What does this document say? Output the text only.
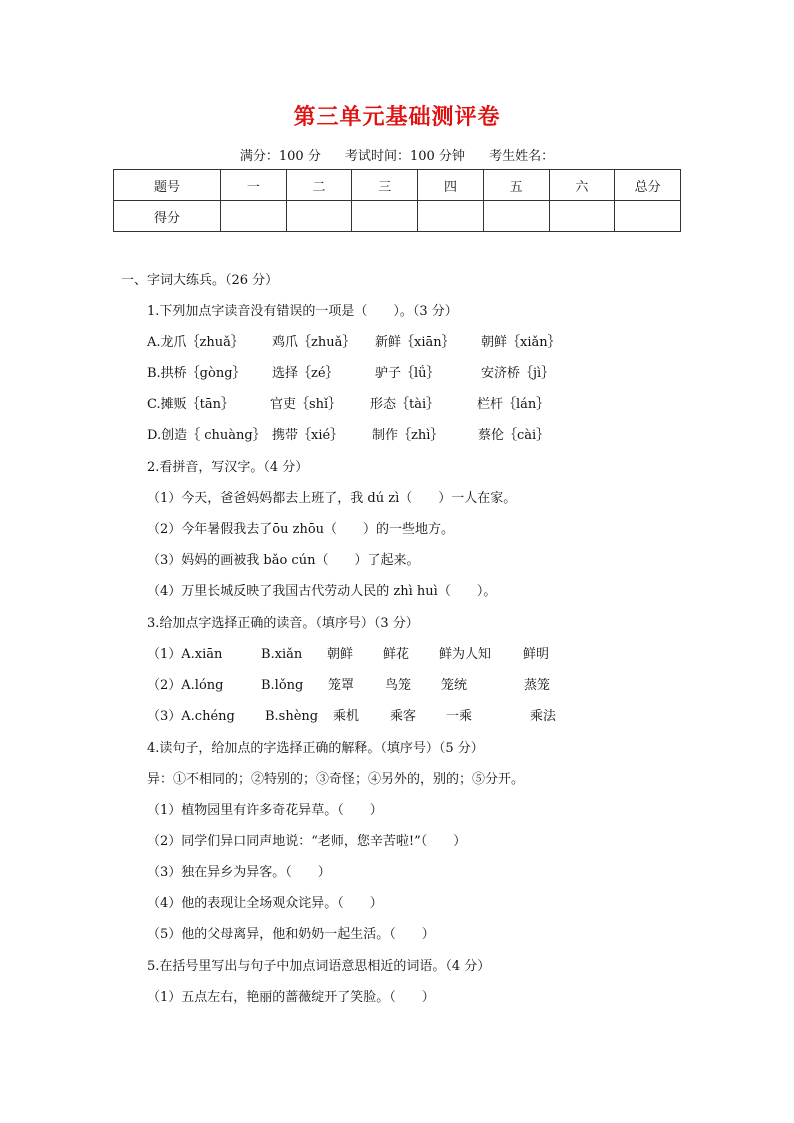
第三单元基础测评卷
满分：100 分 考试时间：100 分钟 考生姓名：
题号	一	二	三	四	五	六	总分
得分							
一、字词大练兵。（26 分）
1.下列加点字读音没有错误的一项是（　　）。（3 分）
A.龙爪｛zhuǎ｝ 鸡爪｛zhuǎ｝ 新鲜｛xiān｝ 朝鲜｛xiǎn｝
B.拱桥｛gòng｝ 选择｛zé｝	驴子｛lǘ｝	安济桥｛jì｝
C.摊贩｛tān｝	官吏｛shǐ｝ 形态｛tài｝	栏杆｛lán｝
D.创造｛ chuàng｝ 携带｛xié｝ 制作｛zhì｝	蔡伦｛cài｝
2.看拼音，写汉字。（4 分）
（1）今天，爸爸妈妈都去上班了，我 dú zì（　　）一人在家。
（2）今年暑假我去了ōu zhōu（　　）的一些地方。
（3）妈妈的画被我 bǎo cún（　　）了起来。
（4）万里长城反映了我国古代劳动人民的 zhì huì（　　）。
3.给加点字选择正确的读音。（填序号）（3 分）
（1）A.xiān	B.xiǎn 朝鲜 鲜花 鲜为人知 鲜明
（2）A.lóng	B.lǒng 笼罩 鸟笼 笼统	蒸笼
（3）A.chéng B.shèng 乘机 乘客 一乘	乘法
4.读句子，给加点的字选择正确的解释。（填序号）（5 分）
异：①不相同的；②特别的；③奇怪；④另外的，别的；⑤分开。
（1）植物园里有许多奇花异草。（　　）
（2）同学们异口同声地说：“老师，您辛苦啦!”（　　）
（3）独在异乡为异客。（　　）
（4）他的表现让全场观众诧异。（　　）
（5）他的父母离异，他和奶奶一起生活。（　　）
5.在括号里写出与句子中加点词语意思相近的词语。（4 分）
（1）五点左右，艳丽的蔷薇绽开了笑脸。（　　）
